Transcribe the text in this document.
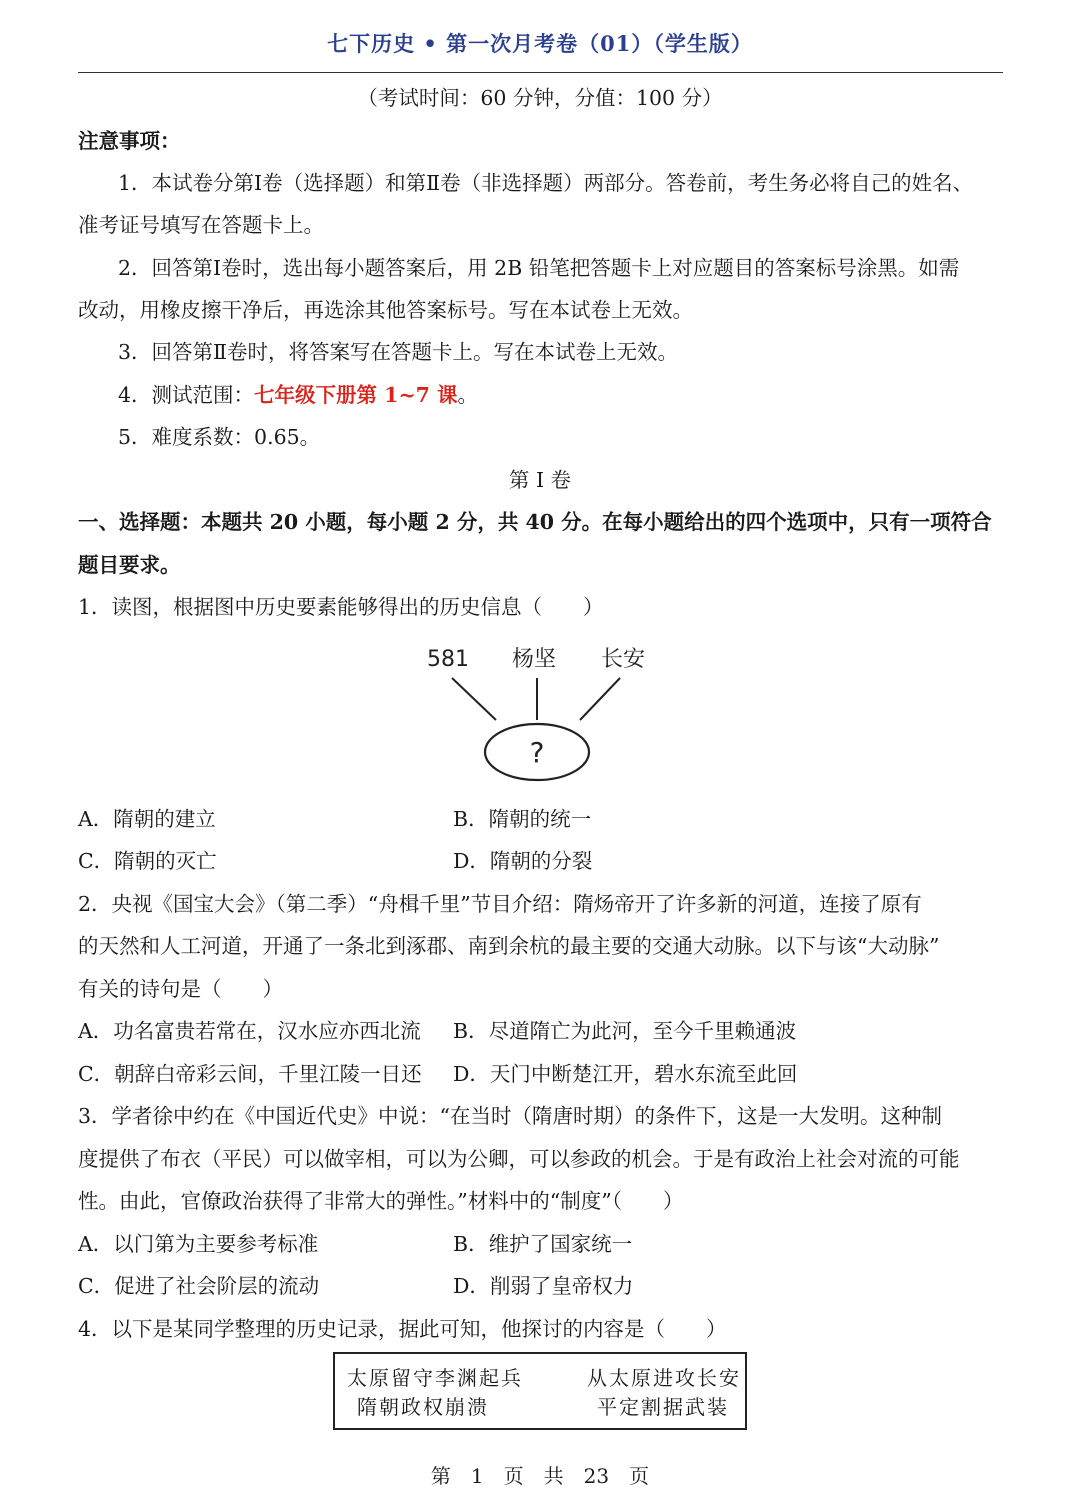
七下历史 • 第一次月考卷（01）（学生版）
（考试时间：60 分钟，分值：100 分）
注意事项：
1．本试卷分第Ⅰ卷（选择题）和第Ⅱ卷（非选择题）两部分。答卷前，考生务必将自己的姓名、
准考证号填写在答题卡上。
2．回答第Ⅰ卷时，选出每小题答案后，用 2B 铅笔把答题卡上对应题目的答案标号涂黑。如需
改动，用橡皮擦干净后，再选涂其他答案标号。写在本试卷上无效。
3．回答第Ⅱ卷时，将答案写在答题卡上。写在本试卷上无效。
4．测试范围：七年级下册第 1~7 课。
5．难度系数：0.65。
第 Ⅰ 卷
一、选择题：本题共 20 小题，每小题 2 分，共 40 分。在每小题给出的四个选项中，只有一项符合
题目要求。
1．读图，根据图中历史要素能够得出的历史信息（　　）
581 杨坚 长安
?
A．隋朝的建立	B．隋朝的统一
C．隋朝的灭亡	D．隋朝的分裂
2．央视《国宝大会》（第二季）“舟楫千里”节目介绍：隋炀帝开了许多新的河道，连接了原有
的天然和人工河道，开通了一条北到涿郡、南到余杭的最主要的交通大动脉。以下与该“大动脉”
有关的诗句是（　　）
A．功名富贵若常在，汉水应亦西北流 B．尽道隋亡为此河，至今千里赖通波
C．朝辞白帝彩云间，千里江陵一日还 D．天门中断楚江开，碧水东流至此回
3．学者徐中约在《中国近代史》中说：“在当时（隋唐时期）的条件下，这是一大发明。这种制
度提供了布衣（平民）可以做宰相，可以为公卿，可以参政的机会。于是有政治上社会对流的可能
性。由此，官僚政治获得了非常大的弹性。”材料中的“制度”（　　）
A．以门第为主要参考标准	B．维护了国家统一
C．促进了社会阶层的流动	D．削弱了皇帝权力
4．以下是某同学整理的历史记录，据此可知，他探讨的内容是（　　）
太原留守李渊起兵	从太原进攻长安
隋朝政权崩溃	平定割据武装
第　1　页　共　23　页
